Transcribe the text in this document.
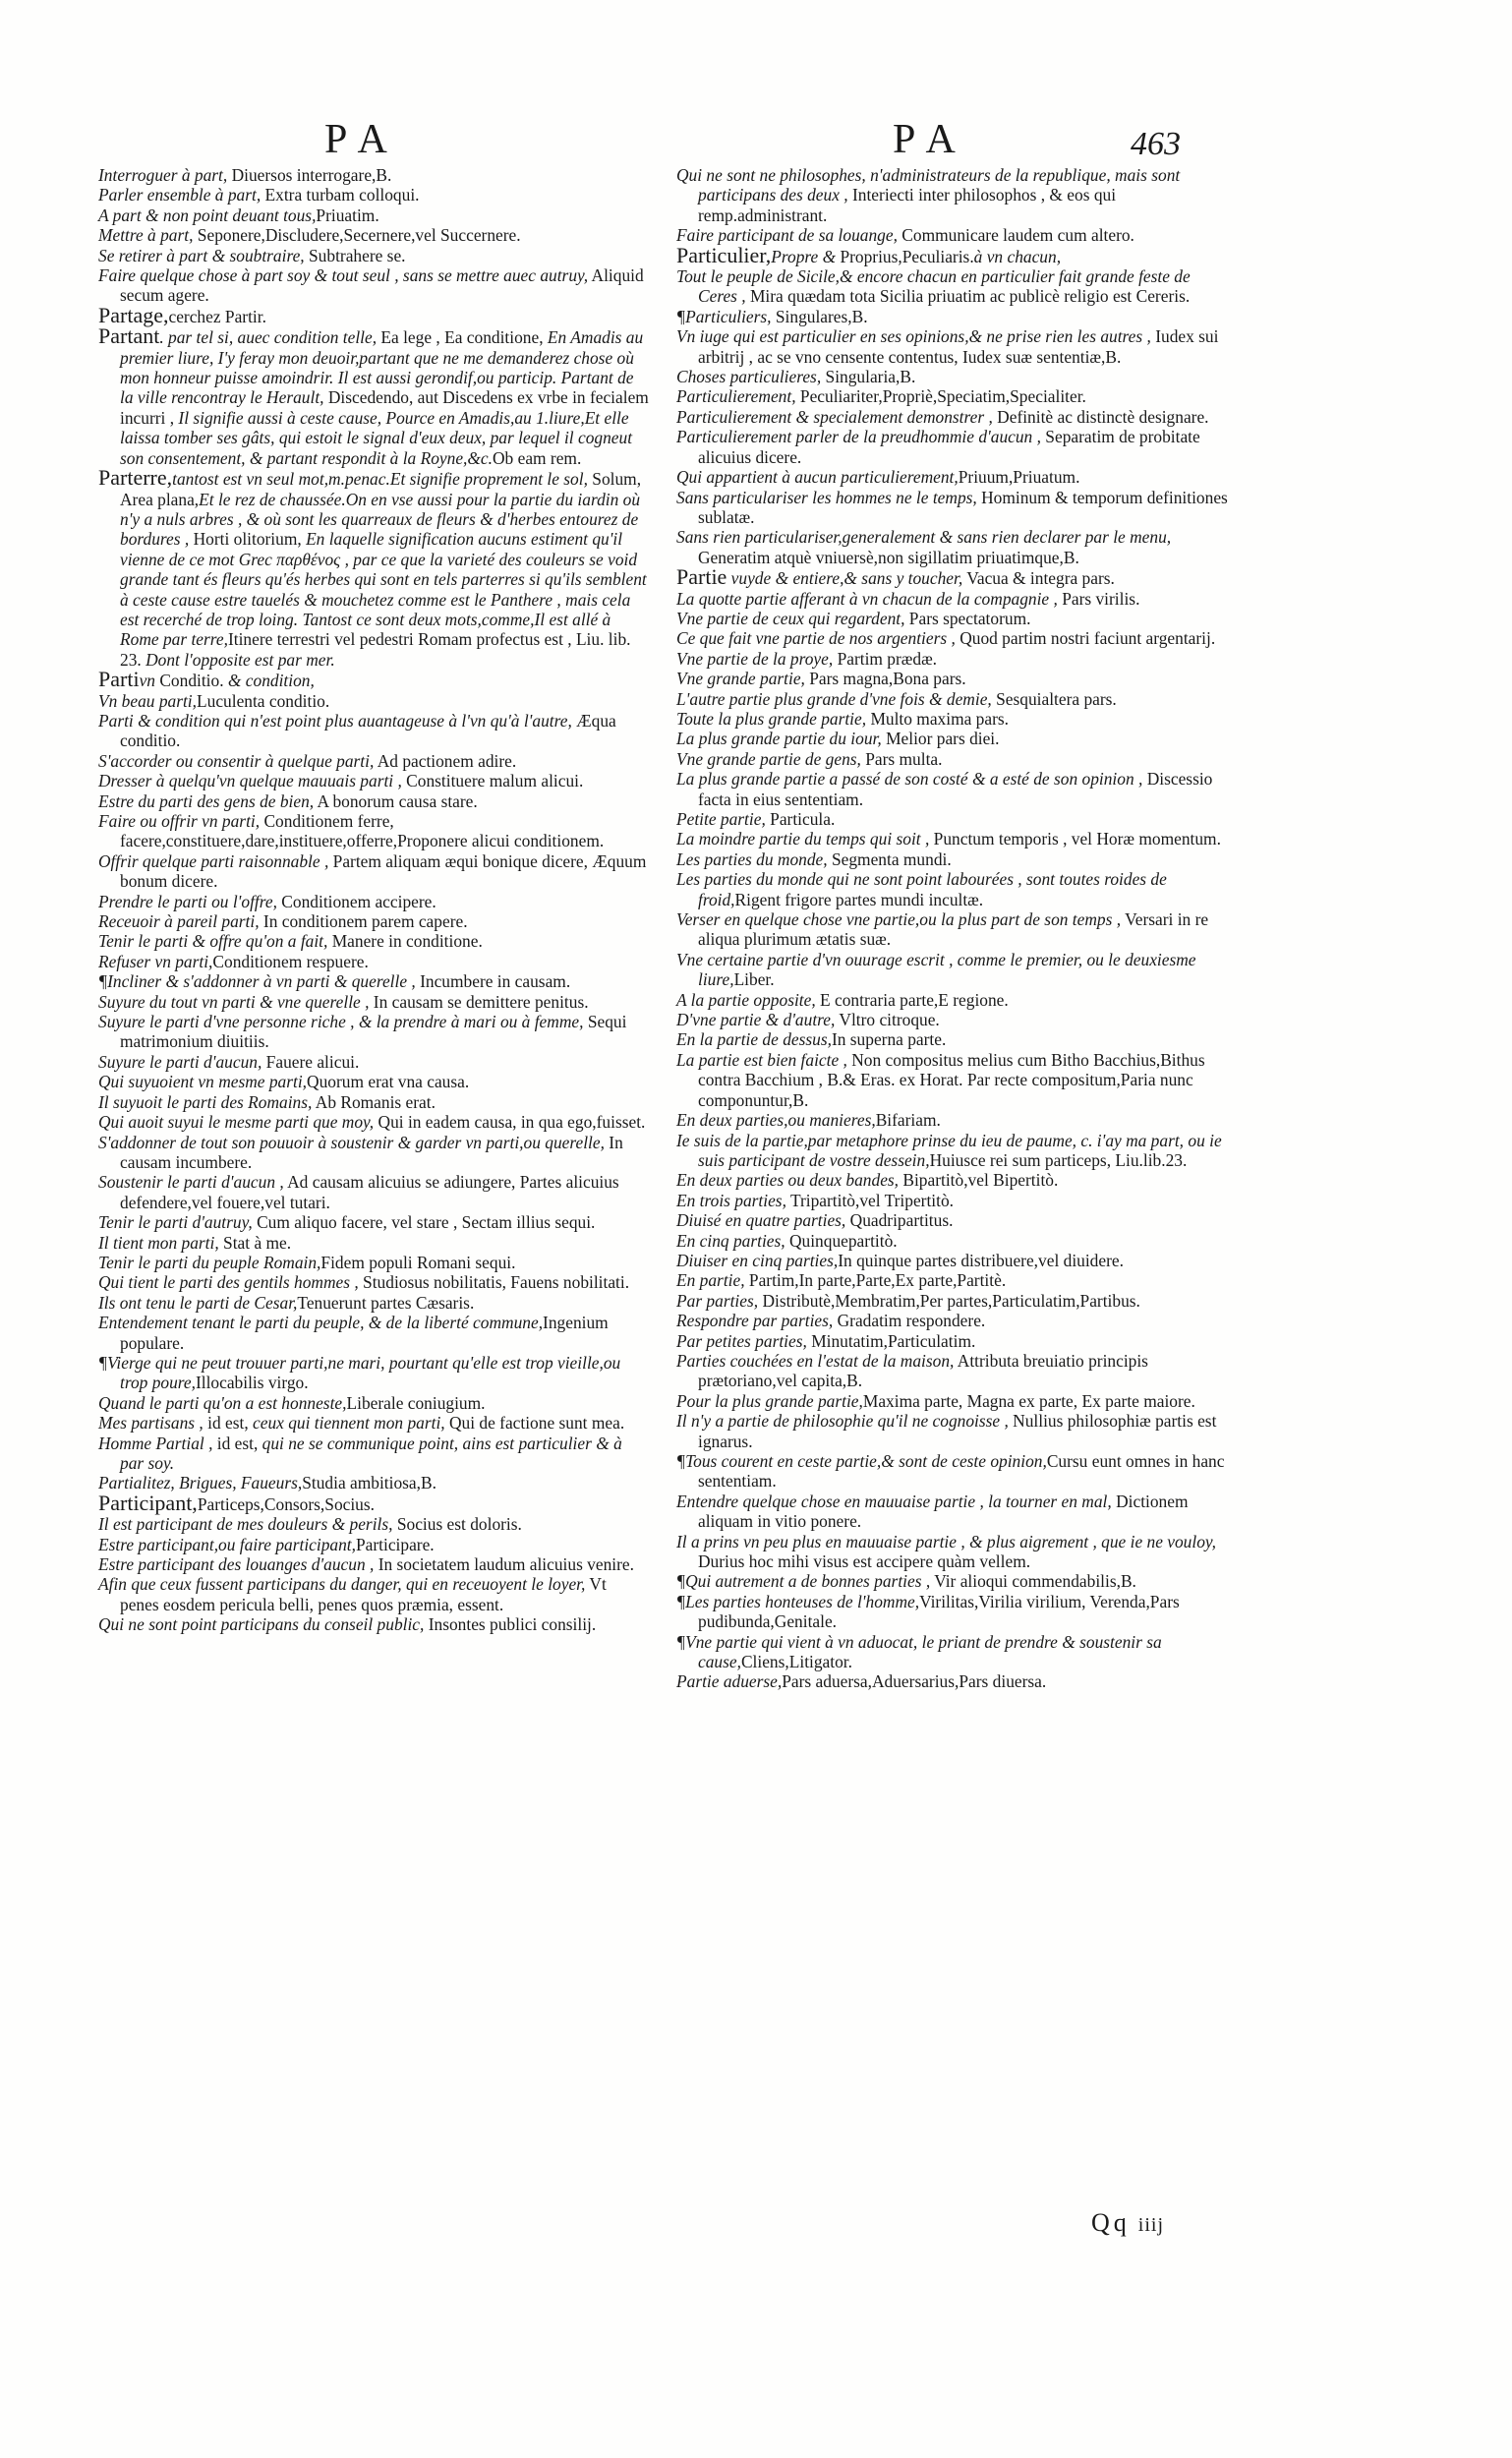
PA	PA	463

Interroguer à part, Diuersos interrogare,B.

Parler ensemble à part, Extra turbam colloqui.

A part & non point deuant tous,Priuatim.

Mettre à part, Seponere,Discludere,Secernere,vel Succernere.

Se retirer à part & soubtraire, Subtrahere se.

Faire quelque chose à part soy & tout seul , sans se mettre auec autruy, Aliquid secum agere.

Partage,cerchez Partir.

Partant. par tel si, auec condition telle, Ea lege , Ea conditione, En Amadis au premier liure, I'y feray mon deuoir,partant que ne me demanderez chose où mon honneur puisse amoindrir. Il est aussi gerondif,ou particip. Partant de la ville rencontray le Herault, Discedendo, aut Discedens ex vrbe in fecialem incurri , Il signifie aussi à ceste cause, Pource en Amadis,au 1.liure,Et elle laissa tomber ses gâts, qui estoit le signal d'eux deux, par lequel il cogneut son consentement, & partant respondit à la Royne,&c.Ob eam rem.

Parterre,tantost est vn seul mot,m.penac.Et signifie proprement le sol, Solum, Area plana,Et le rez de chaussée.On en vse aussi pour la partie du iardin où n'y a nuls arbres , & où sont les quarreaux de fleurs & d'herbes entourez de bordures , Horti olitorium, En laquelle signification aucuns estiment qu'il vienne de ce mot Grec παρθένος , par ce que la varieté des couleurs se void grande tant és fleurs qu'és herbes qui sont en tels parterres si qu'ils semblent à ceste cause estre tauelés & mouchetez comme est le Panthere , mais cela est recerché de trop loing. Tantost ce sont deux mots,comme,Il est allé à Rome par terre,Itinere terrestri vel pedestri Romam profectus est , Liu. lib. 23. Dont l'opposite est par mer.

Partivn Conditio. & condition,

Vn beau parti,Luculenta conditio.

Parti & condition qui n'est point plus auantageuse à l'vn qu'à l'autre, Æqua conditio.

S'accorder ou consentir à quelque parti, Ad pactionem adire.

Dresser à quelqu'vn quelque mauuais parti , Constituere malum alicui.

Estre du parti des gens de bien, A bonorum causa stare.

Faire ou offrir vn parti, Conditionem ferre, facere,constituere,dare,instituere,offerre,Proponere alicui conditionem.

Offrir quelque parti raisonnable , Partem aliquam æqui bonique dicere, Æquum bonum dicere.

Prendre le parti ou l'offre, Conditionem accipere.

Receuoir à pareil parti, In conditionem parem capere.

Tenir le parti & offre qu'on a fait, Manere in conditione.

Refuser vn parti,Conditionem respuere.

¶Incliner & s'addonner à vn parti & querelle , Incumbere in causam.

Suyure du tout vn parti & vne querelle , In causam se demittere penitus.

Suyure le parti d'vne personne riche , & la prendre à mari ou à femme, Sequi matrimonium diuitiis.

Suyure le parti d'aucun, Fauere alicui.

Qui suyuoient vn mesme parti,Quorum erat vna causa.

Il suyuoit le parti des Romains, Ab Romanis erat.

Qui auoit suyui le mesme parti que moy, Qui in eadem causa, in qua ego,fuisset.

S'addonner de tout son pouuoir à soustenir & garder vn parti,ou querelle, In causam incumbere.

Soustenir le parti d'aucun , Ad causam alicuius se adiungere, Partes alicuius defendere,vel fouere,vel tutari.

Tenir le parti d'autruy, Cum aliquo facere, vel stare , Sectam illius sequi.

Il tient mon parti, Stat à me.

Tenir le parti du peuple Romain,Fidem populi Romani sequi.

Qui tient le parti des gentils hommes , Studiosus nobilitatis, Fauens nobilitati.

Ils ont tenu le parti de Cesar,Tenuerunt partes Cæsaris.

Entendement tenant le parti du peuple, & de la liberté commune,Ingenium populare.

¶Vierge qui ne peut trouuer parti,ne mari, pourtant qu'elle est trop vieille,ou trop poure,Illocabilis virgo.

Quand le parti qu'on a est honneste,Liberale coniugium.

Mes partisans , id est, ceux qui tiennent mon parti, Qui de factione sunt mea.

Homme Partial , id est, qui ne se communique point, ains est particulier & à par soy.

Partialitez, Brigues, Faueurs,Studia ambitiosa,B.

Participant,Particeps,Consors,Socius.

Il est participant de mes douleurs & perils, Socius est doloris.

Estre participant,ou faire participant,Participare.

Estre participant des louanges d'aucun , In societatem laudum alicuius venire.

Afin que ceux fussent participans du danger, qui en receuoyent le loyer, Vt penes eosdem pericula belli, penes quos præmia, essent.

Qui ne sont point participans du conseil public, Insontes publici consilij.

Qui ne sont ne philosophes, n'administrateurs de la republique, mais sont participans des deux , Interiecti inter philosophos , & eos qui remp.administrant.

Faire participant de sa louange, Communicare laudem cum altero.

Particulier,Propre & Proprius,Peculiaris.à vn chacun,

Tout le peuple de Sicile,& encore chacun en particulier fait grande feste de Ceres , Mira quædam tota Sicilia priuatim ac publicè religio est Cereris.

¶Particuliers, Singulares,B.

Vn iuge qui est particulier en ses opinions,& ne prise rien les autres , Iudex sui arbitrij , ac se vno censente contentus, Iudex suæ sententiæ,B.

Choses particulieres, Singularia,B.

Particulierement, Peculiariter,Propriè,Speciatim,Specialiter.

Particulierement & specialement demonstrer , Definitè ac distinctè designare.

Particulierement parler de la preudhommie d'aucun , Separatim de probitate alicuius dicere.

Qui appartient à aucun particulierement,Priuum,Priuatum.

Sans particulariser les hommes ne le temps, Hominum & temporum definitiones sublatæ.

Sans rien particulariser,generalement & sans rien declarer par le menu, Generatim atquè vniuersè,non sigillatim priuatimque,B.

Partie vuyde & entiere,& sans y toucher, Vacua & integra pars.

La quotte partie afferant à vn chacun de la compagnie , Pars virilis.

Vne partie de ceux qui regardent, Pars spectatorum.

Ce que fait vne partie de nos argentiers , Quod partim nostri faciunt argentarij.

Vne partie de la proye, Partim prædæ.

Vne grande partie, Pars magna,Bona pars.

L'autre partie plus grande d'vne fois & demie, Sesquialtera pars.

Toute la plus grande partie, Multo maxima pars.

La plus grande partie du iour, Melior pars diei.

Vne grande partie de gens, Pars multa.

La plus grande partie a passé de son costé & a esté de son opinion , Discessio facta in eius sententiam.

Petite partie, Particula.

La moindre partie du temps qui soit , Punctum temporis , vel Horæ momentum.

Les parties du monde, Segmenta mundi.

Les parties du monde qui ne sont point labourées , sont toutes roides de froid,Rigent frigore partes mundi incultæ.

Verser en quelque chose vne partie,ou la plus part de son temps , Versari in re aliqua plurimum ætatis suæ.

Vne certaine partie d'vn ouurage escrit , comme le premier, ou le deuxiesme liure,Liber.

A la partie opposite, E contraria parte,E regione.

D'vne partie & d'autre, Vltro citroque.

En la partie de dessus,In superna parte.

La partie est bien faicte , Non compositus melius cum Bitho Bacchius,Bithus contra Bacchium , B.& Eras. ex Horat. Par recte compositum,Paria nunc componuntur,B.

En deux parties,ou manieres,Bifariam.

Ie suis de la partie,par metaphore prinse du ieu de paume, c. i'ay ma part, ou ie suis participant de vostre dessein,Huiusce rei sum particeps, Liu.lib.23.

En deux parties ou deux bandes, Bipartitò,vel Bipertitò.

En trois parties, Tripartitò,vel Tripertitò.

Diuisé en quatre parties, Quadripartitus.

En cinq parties, Quinquepartitò.

Diuiser en cinq parties,In quinque partes distribuere,vel diuidere.

En partie, Partim,In parte,Parte,Ex parte,Partitè.

Par parties, Distributè,Membratim,Per partes,Particulatim,Partibus.

Respondre par parties, Gradatim respondere.

Par petites parties, Minutatim,Particulatim.

Parties couchées en l'estat de la maison, Attributa breuiatio principis prætoriano,vel capita,B.

Pour la plus grande partie,Maxima parte, Magna ex parte, Ex parte maiore.

Il n'y a partie de philosophie qu'il ne cognoisse , Nullius philosophiæ partis est ignarus.

¶Tous courent en ceste partie,& sont de ceste opinion,Cursu eunt omnes in hanc sententiam.

Entendre quelque chose en mauuaise partie , la tourner en mal, Dictionem aliquam in vitio ponere.

Il a prins vn peu plus en mauuaise partie , & plus aigrement , que ie ne vouloy, Durius hoc mihi visus est accipere quàm vellem.

¶Qui autrement a de bonnes parties , Vir alioqui commendabilis,B.

¶Les parties honteuses de l'homme,Virilitas,Virilia virilium, Verenda,Pars pudibunda,Genitale.

¶Vne partie qui vient à vn aduocat, le priant de prendre & soustenir sa cause,Cliens,Litigator.

Partie aduerse,Pars aduersa,Aduersarius,Pars diuersa.

Qq iiij
